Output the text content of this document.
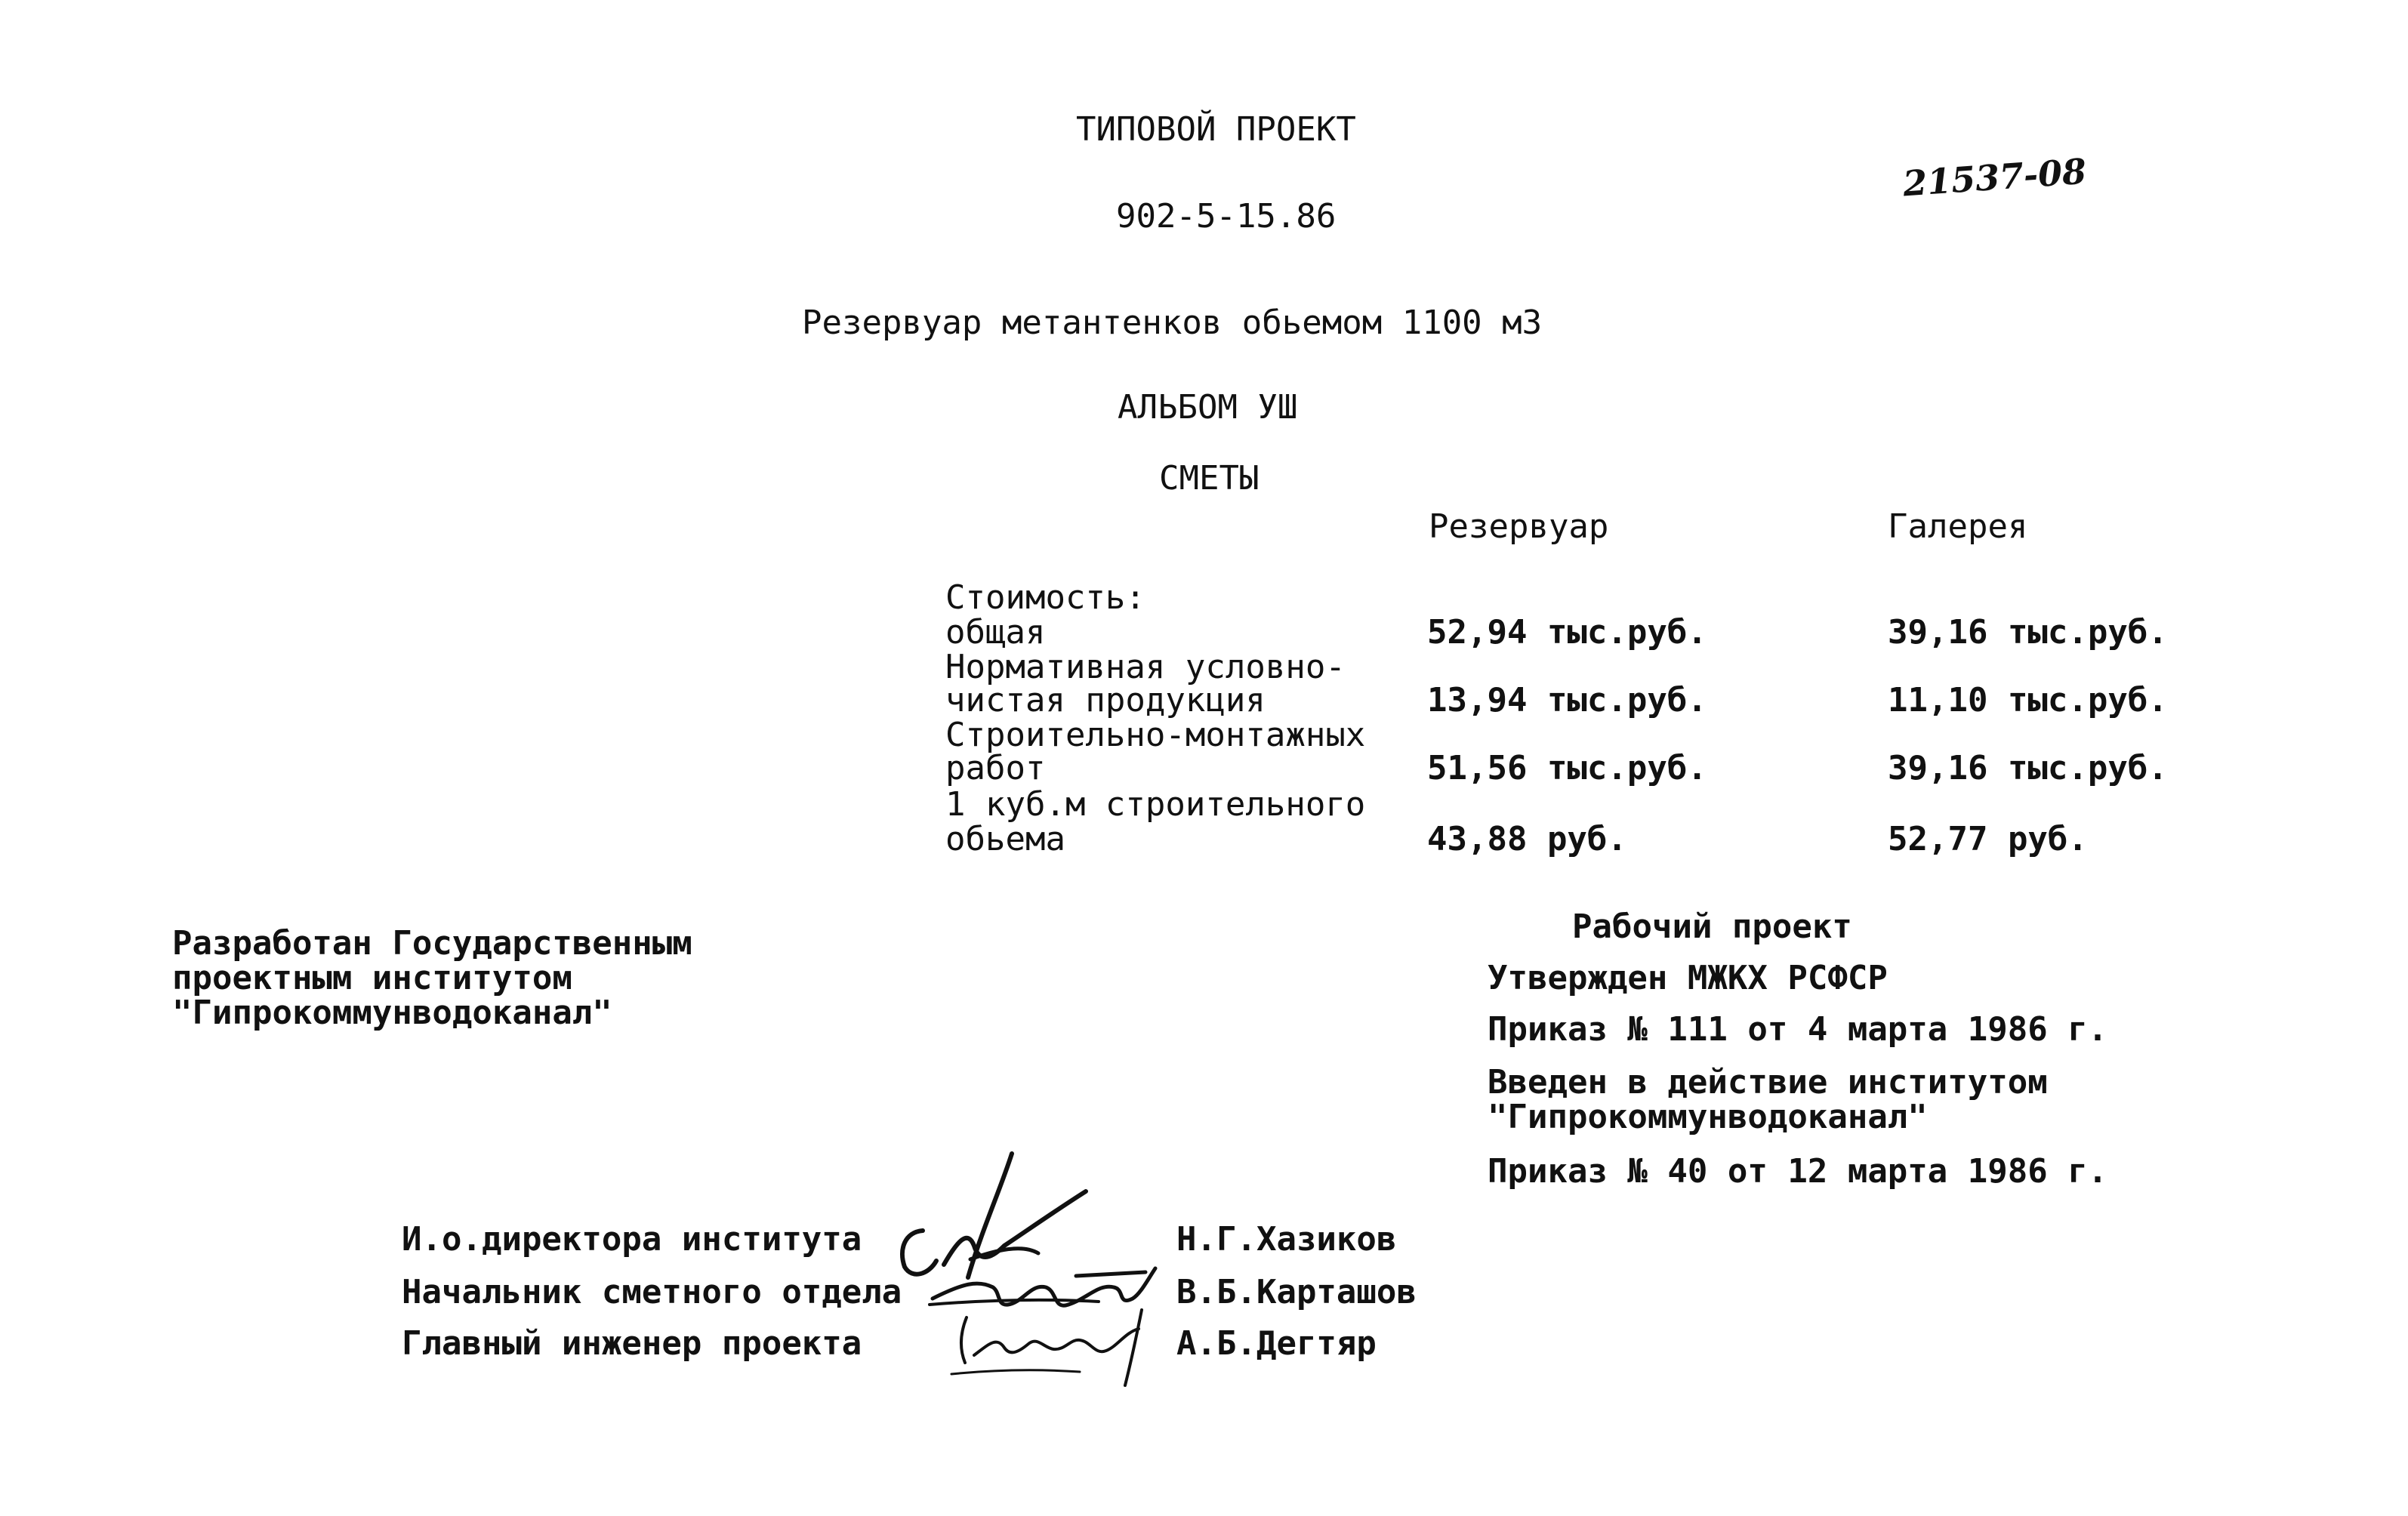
ТИПОВОЙ ПРОЕКТ
902-5-15.86
21537-08
Резервуар метантенков обьемом 1100 м3
АЛЬБОМ УШ
СМЕТЫ
Резервуар	Галерея
Стоимость:
общая	52,94 тыс.руб.	39,16 тыс.руб.
Нормативная условно-
чистая продукция	13,94 тыс.руб.	11,10 тыс.руб.
Строительно-монтажных
работ	51,56 тыс.руб.	39,16 тыс.руб.
1 куб.м строительного
обьема	43,88 руб.	52,77 руб.
Разработан Государственным
проектным институтом
"Гипрокоммунводоканал"
Рабочий проект
Утвержден МЖКХ РСФСР
Приказ № 111 от 4 марта 1986 г.
Введен в действие институтом
"Гипрокоммунводоканал"
Приказ № 40 от 12 марта 1986 г.
И.о.директора института	Н.Г.Хазиков
Начальник сметного отдела	В.Б.Карташов
Главный инженер проекта	А.Б.Дегтяр
